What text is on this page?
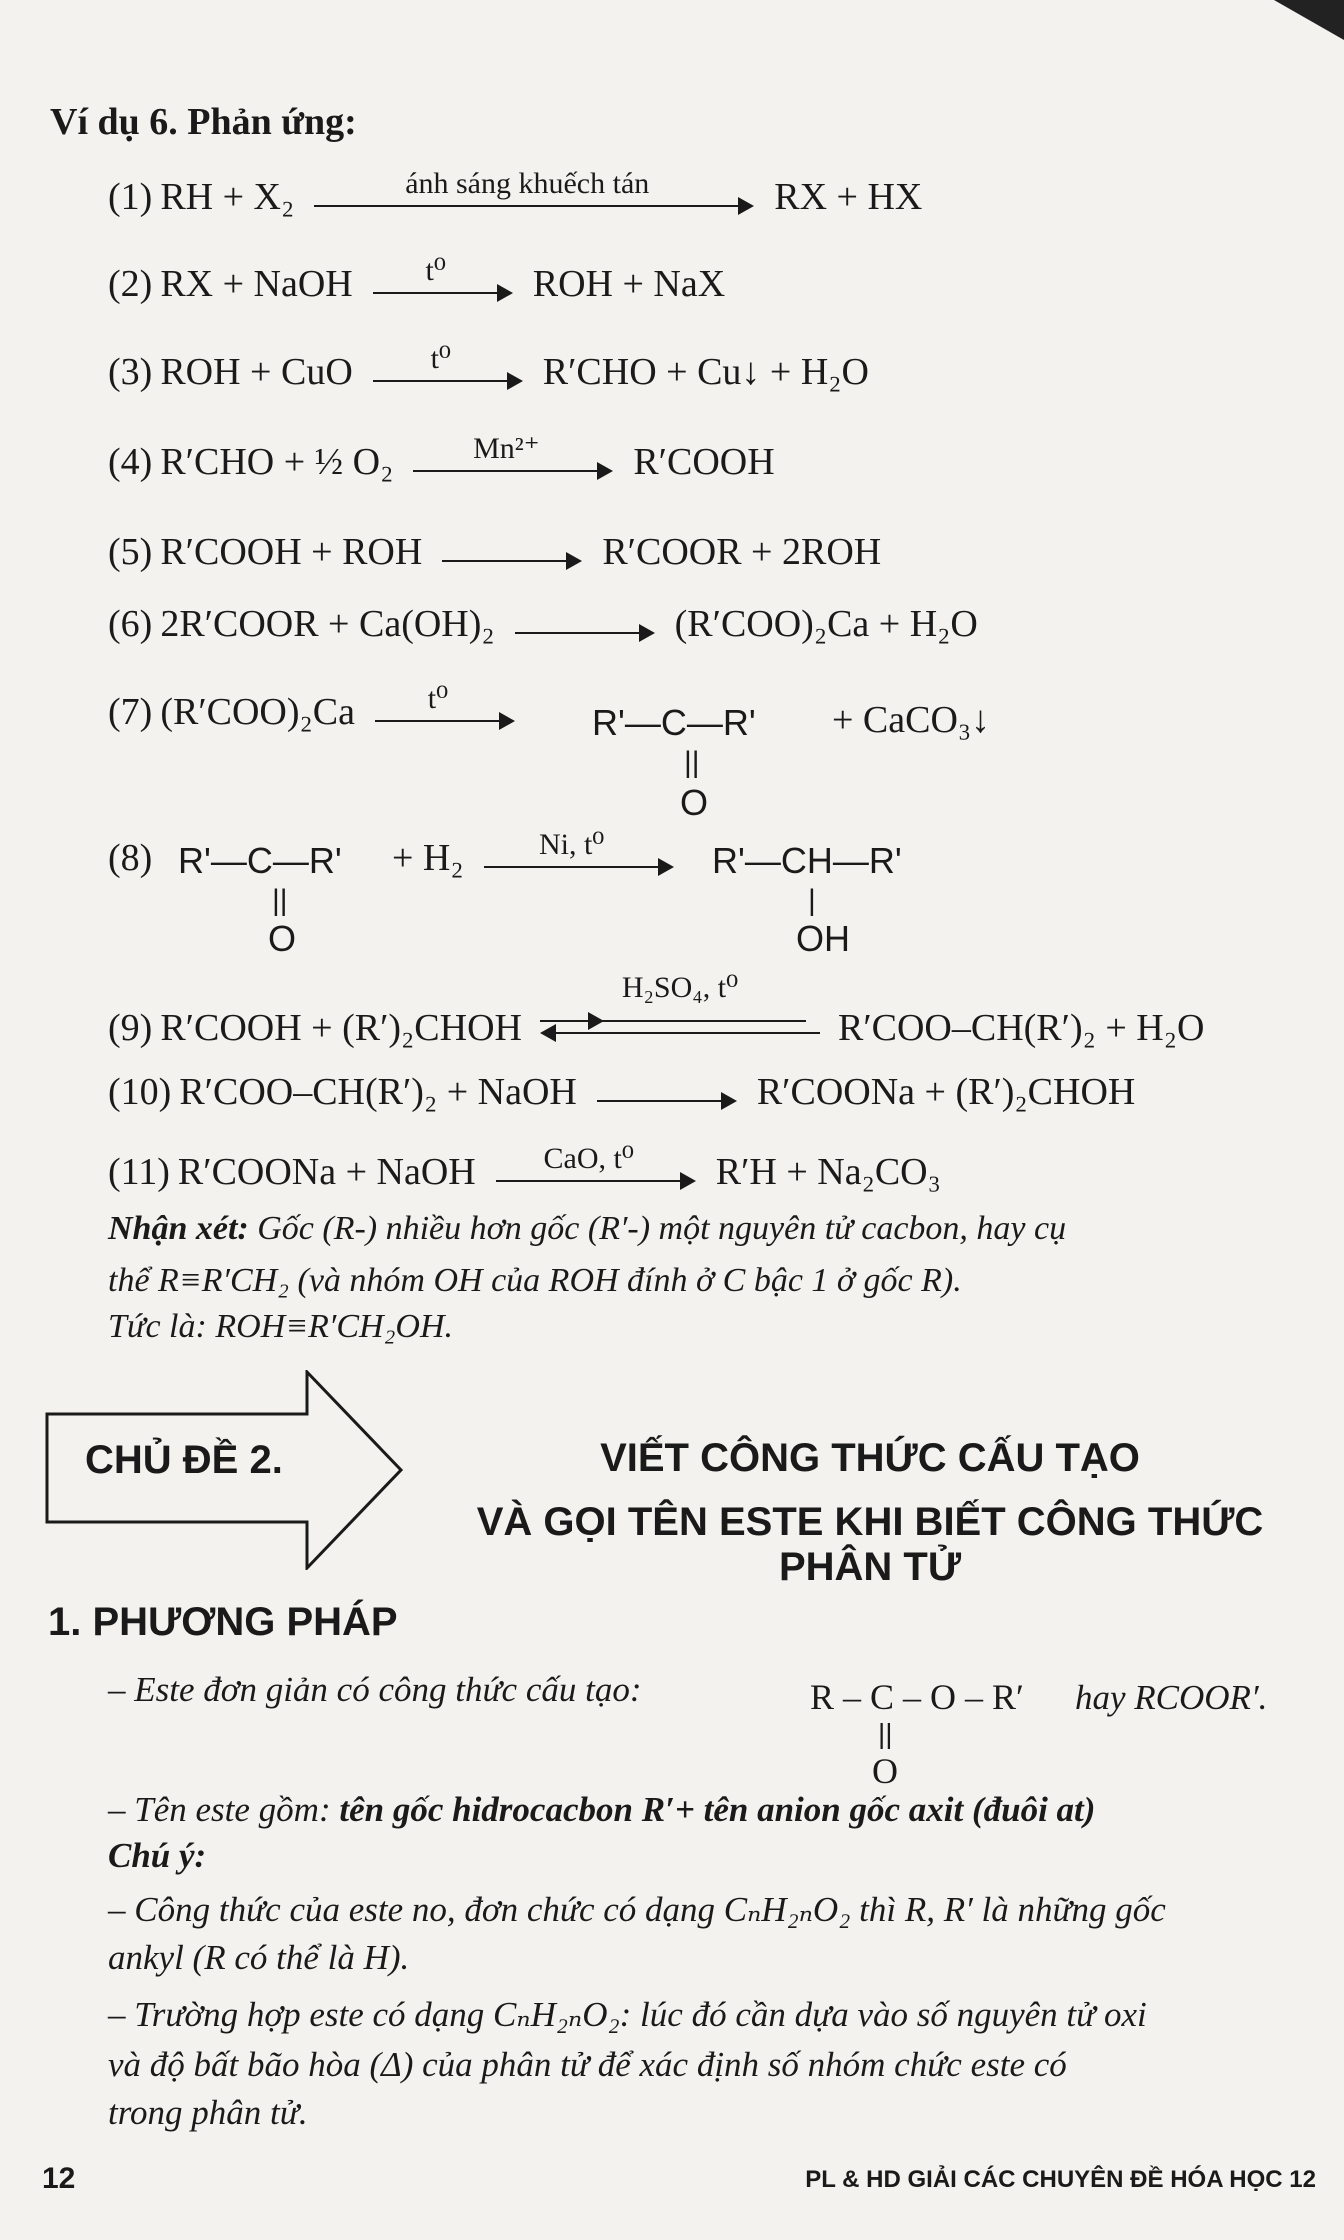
Ví dụ 6. Phản ứng:
(1) RH + X₂	ánh sáng khuếch tán	RX + HX
(2) RX + NaOH	t⁰	ROH + NaX
(3) ROH + CuO	t⁰	R′CHO + Cu↓ + H₂O
(4) R′CHO + ½ O₂	Mn²⁺	R′COOH
(5) R′COOH + ROH	R′COOR + 2ROH
(6) 2R′COOR + Ca(OH)₂	(R′COO)₂Ca + H₂O
(7) (R′COO)₂Ca	t⁰
R'—C—R'
||
O
+ CaCO₃↓
(8) R'—C—R'
||
O
+ H₂	Ni, t⁰	R'—CH—R'
|
OH
(9) R′COOH + (R′)₂CHOH
H₂SO₄, t⁰
R′COO–CH(R′)₂ + H₂O
(10) R′COO–CH(R′)₂ + NaOH	R′COONa + (R′)₂CHOH
(11) R′COONa + NaOH	CaO, t⁰	R′H + Na₂CO₃
Nhận xét: Gốc (R-) nhiều hơn gốc (R′-) một nguyên tử cacbon, hay cụ
thể R≡R′CH₂ (và nhóm OH của ROH đính ở C bậc 1 ở gốc R).
Tức là: ROH≡R′CH₂OH.
CHỦ ĐỀ 2.	VIẾT CÔNG THỨC CẤU TẠO
VÀ GỌI TÊN ESTE KHI BIẾT CÔNG THỨC PHÂN TỬ
1. PHƯƠNG PHÁP
– Este đơn giản có công thức cấu tạo:	R – C – O – R′
||
O
hay RCOOR′.
– Tên este gồm: tên gốc hidrocacbon R′+ tên anion gốc axit (đuôi at)
Chú ý:
– Công thức của este no, đơn chức có dạng CₙH₂ₙO₂ thì R, R′ là những gốc
ankyl (R có thể là H).
– Trường hợp este có dạng CₙH₂ₙO₂: lúc đó cần dựa vào số nguyên tử oxi
và độ bất bão hòa (Δ) của phân tử để xác định số nhóm chức este có
trong phân tử.
12	PL & HD GIẢI CÁC CHUYÊN ĐỀ HÓA HỌC 12
